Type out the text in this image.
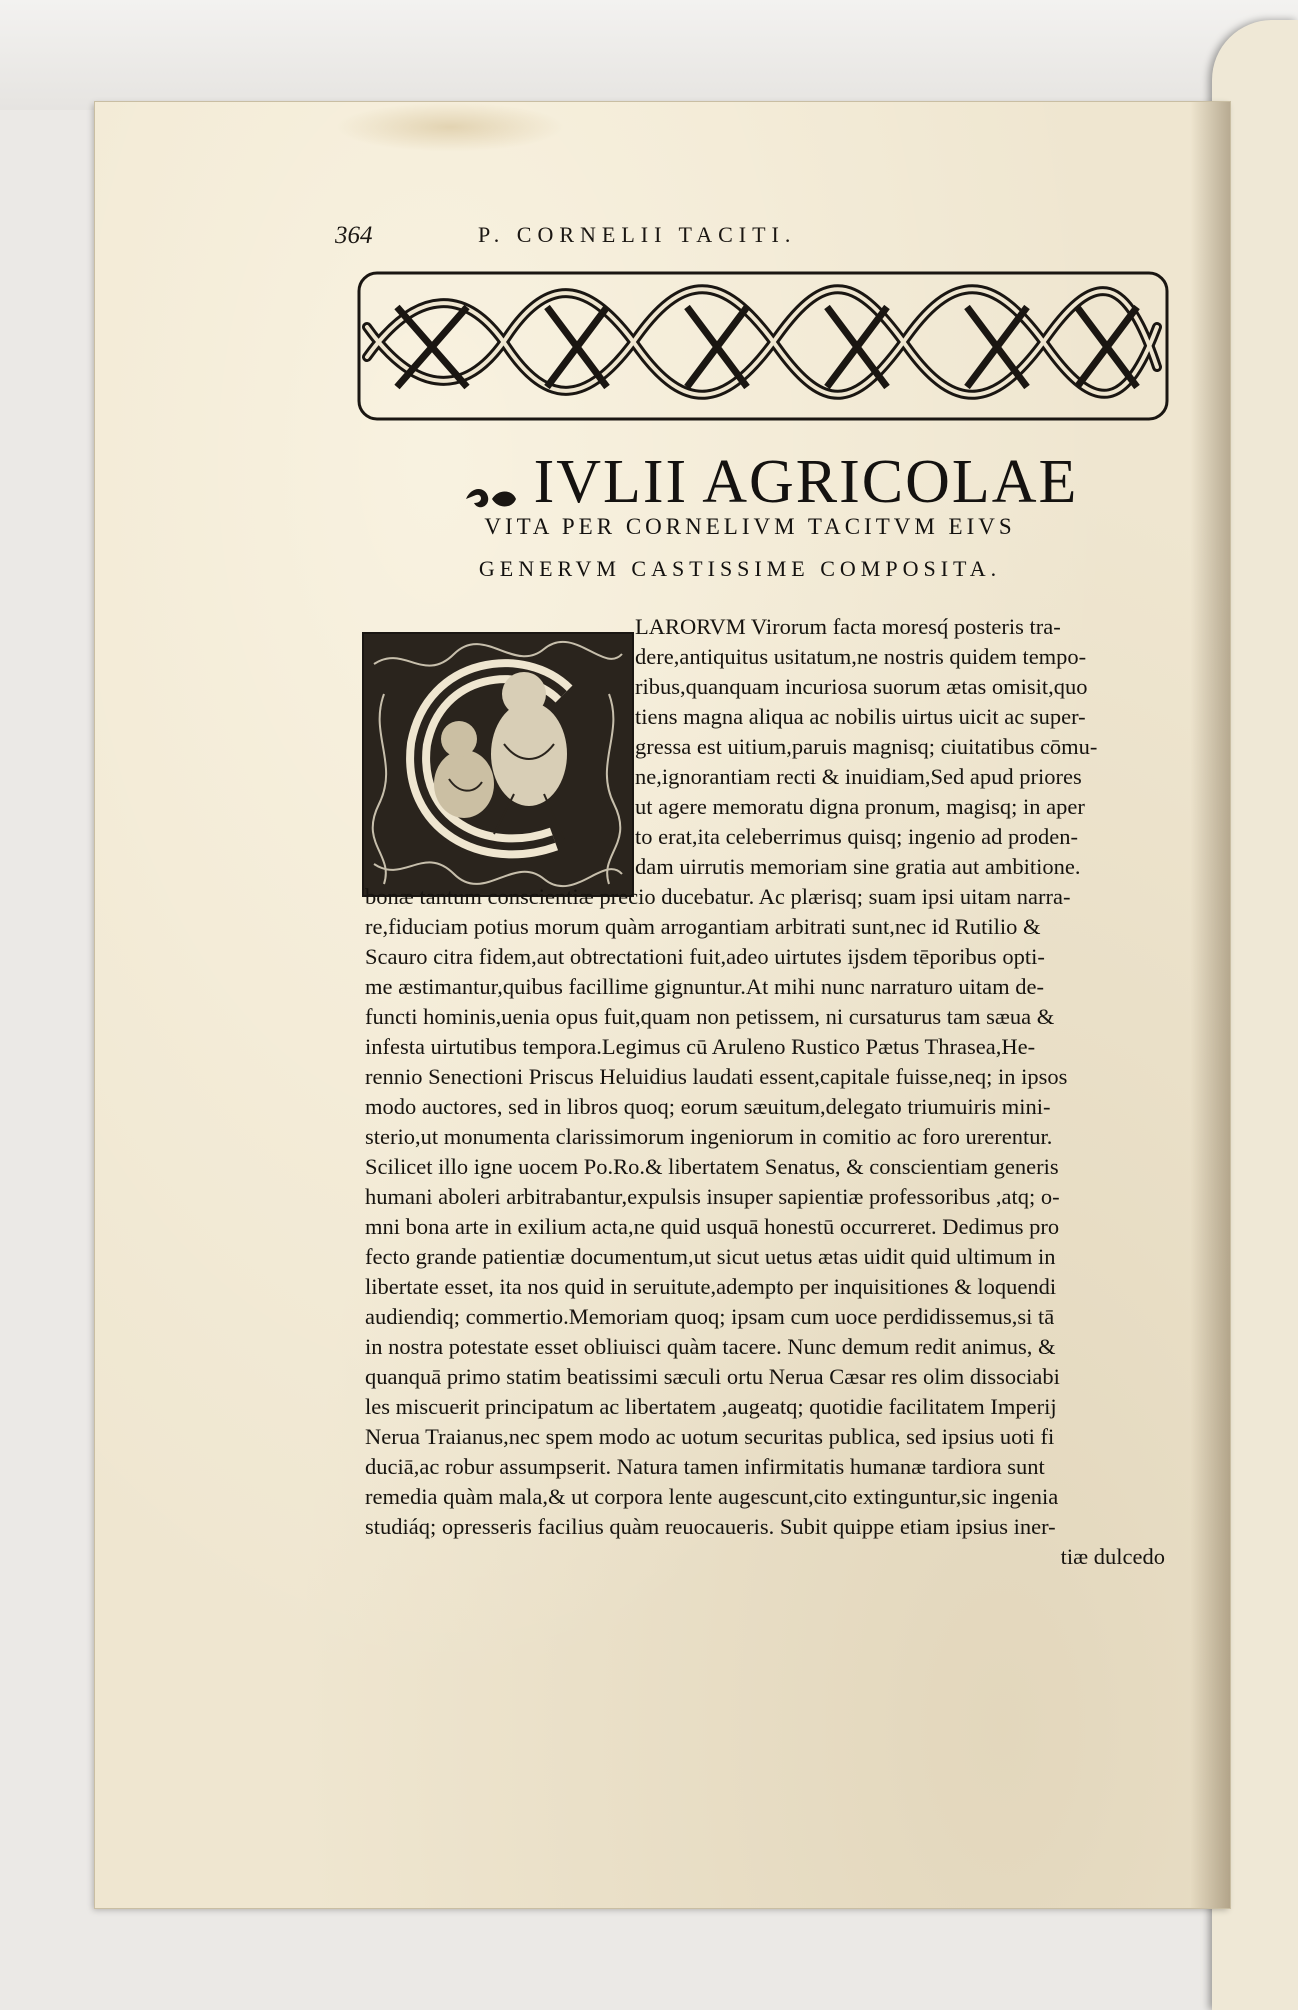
364	P. CORNELII TACITI.
IVLII AGRICOLAE
VITA PER CORNELIVM TACITVM EIVS
GENERVM CASTISSIME COMPOSITA.
LARORVM Virorum facta moresq́ posteris tra-
dere,antiquitus usitatum,ne nostris quidem tempo-
ribus,quanquam incuriosa suorum ætas omisit,quo
tiens magna aliqua ac nobilis uirtus uicit ac super-
gressa est uitium,paruis magnisq; ciuitatibus cōmu-
ne,ignorantiam recti & inuidiam,Sed apud priores
ut agere memoratu digna pronum, magisq; in aper
to erat,ita celeberrimus quisq; ingenio ad proden-
dam uirrutis memoriam sine gratia aut ambitione.
bonæ tantum conscientiæ precio ducebatur. Ac plærisq; suam ipsi uitam narra-
re,fiduciam potius morum quàm arrogantiam arbitrati sunt,nec id Rutilio &
Scauro citra fidem,aut obtrectationi fuit,adeo uirtutes ijsdem tēporibus opti-
me æstimantur,quibus facillime gignuntur.At mihi nunc narraturo uitam de-
functi hominis,uenia opus fuit,quam non petissem, ni cursaturus tam sæua &
infesta uirtutibus tempora.Legimus cū Aruleno Rustico Pætus Thrasea,He-
rennio Senectioni Priscus Heluidius laudati essent,capitale fuisse,neq; in ipsos
modo auctores, sed in libros quoq; eorum sæuitum,delegato triumuiris mini-
sterio,ut monumenta clarissimorum ingeniorum in comitio ac foro urerentur.
Scilicet illo igne uocem Po.Ro.& libertatem Senatus, & conscientiam generis
humani aboleri arbitrabantur,expulsis insuper sapientiæ professoribus ,atq; o-
mni bona arte in exilium acta,ne quid usquā honestū occurreret. Dedimus pro
fecto grande patientiæ documentum,ut sicut uetus ætas uidit quid ultimum in
libertate esset, ita nos quid in seruitute,adempto per inquisitiones & loquendi
audiendiq; commertio.Memoriam quoq; ipsam cum uoce perdidissemus,si tā
in nostra potestate esset obliuisci quàm tacere. Nunc demum redit animus, &
quanquā primo statim beatissimi sæculi ortu Nerua Cæsar res olim dissociabi
les miscuerit principatum ac libertatem ,augeatq; quotidie facilitatem Imperij
Nerua Traianus,nec spem modo ac uotum securitas publica, sed ipsius uoti fi
duciā,ac robur assumpserit. Natura tamen infirmitatis humanæ tardiora sunt
remedia quàm mala,& ut corpora lente augescunt,cito extinguntur,sic ingenia
studiáq; opresseris facilius quàm reuocaueris. Subit quippe etiam ipsius iner-
tiæ dulcedo
